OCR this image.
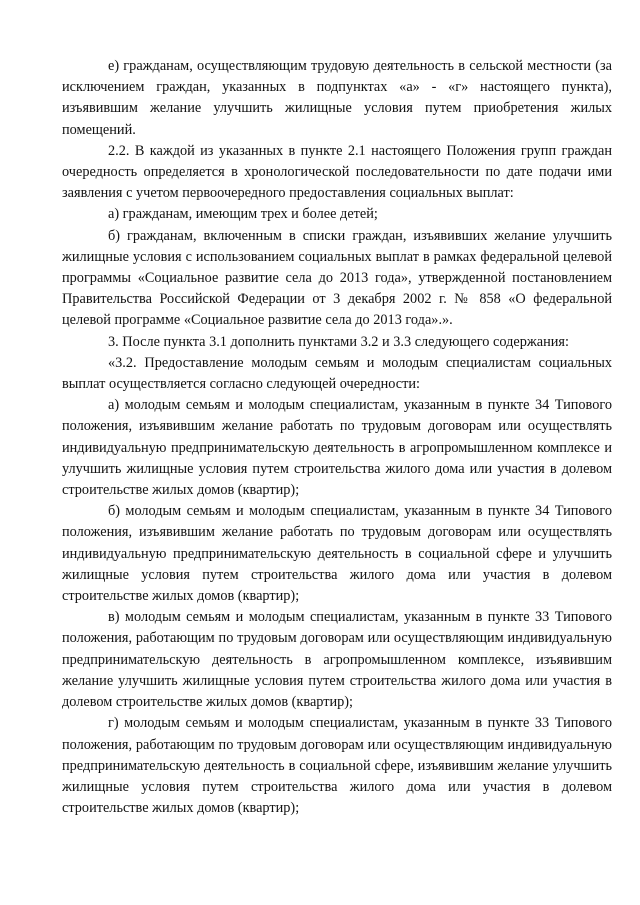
е) гражданам, осуществляющим трудовую деятельность в сельской местности (за исключением граждан, указанных в подпунктах «а» - «г» настоящего пункта), изъявившим желание улучшить жилищные условия путем приобретения жилых помещений.

2.2. В каждой из указанных в пункте 2.1 настоящего Положения групп граждан очередность определяется в хронологической последовательности по дате подачи ими заявления с учетом первоочередного предоставления социальных выплат:

а) гражданам, имеющим трех и более детей;

б) гражданам, включенным в списки граждан, изъявивших желание улучшить жилищные условия с использованием социальных выплат в рамках федеральной целевой программы «Социальное развитие села до 2013 года», утвержденной постановлением Правительства Российской Федерации от 3 декабря 2002 г. № 858 «О федеральной целевой программе «Социальное развитие села до 2013 года».».

3. После пункта 3.1 дополнить пунктами 3.2 и 3.3 следующего содержания:

«3.2. Предоставление молодым семьям и молодым специалистам социальных выплат осуществляется согласно следующей очередности:

а) молодым семьям и молодым специалистам, указанным в пункте 34 Типового положения, изъявившим желание работать по трудовым договорам или осуществлять индивидуальную предпринимательскую деятельность в агропромышленном комплексе и улучшить жилищные условия путем строительства жилого дома или участия в долевом строительстве жилых домов (квартир);

б) молодым семьям и молодым специалистам, указанным в пункте 34 Типового положения, изъявившим желание работать по трудовым договорам или осуществлять индивидуальную предпринимательскую деятельность в социальной сфере и улучшить жилищные условия путем строительства жилого дома или участия в долевом строительстве жилых домов (квартир);

в) молодым семьям и молодым специалистам, указанным в пункте 33 Типового положения, работающим по трудовым договорам или осуществляющим индивидуальную предпринимательскую деятельность в агропромышленном комплексе, изъявившим желание улучшить жилищные условия путем строительства жилого дома или участия в долевом строительстве жилых домов (квартир);

г) молодым семьям и молодым специалистам, указанным в пункте 33 Типового положения, работающим по трудовым договорам или осуществляющим индивидуальную предпринимательскую деятельность в социальной сфере, изъявившим желание улучшить жилищные условия путем строительства жилого дома или участия в долевом строительстве жилых домов (квартир);
